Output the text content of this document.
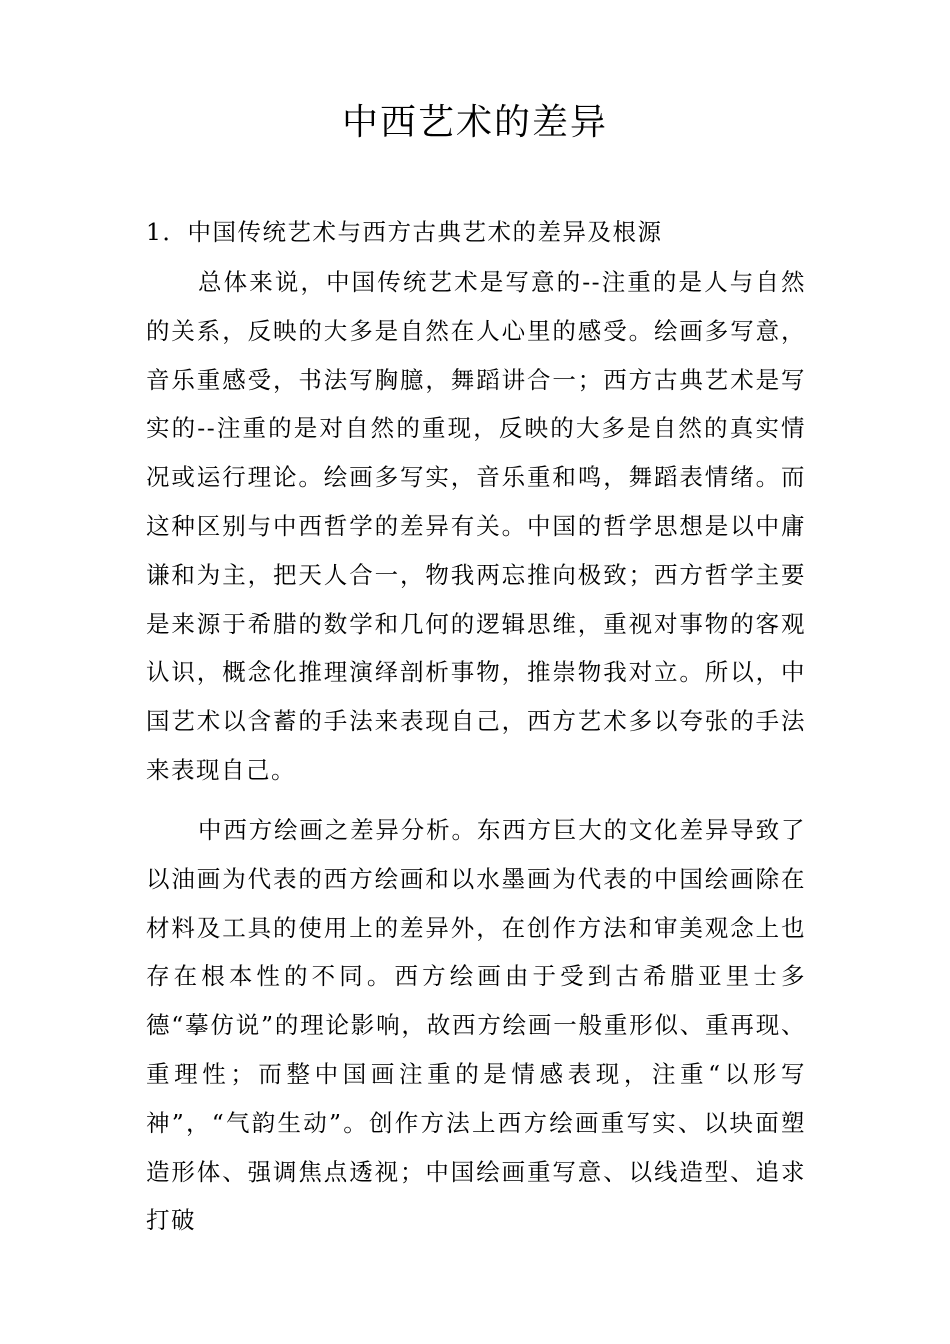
中西艺术的差异
1．中国传统艺术与西方古典艺术的差异及根源

总体来说，中国传统艺术是写意的--注重的是人与自然的关系，反映的大多是自然在人心里的感受。绘画多写意，音乐重感受，书法写胸臆，舞蹈讲合一；西方古典艺术是写实的--注重的是对自然的重现，反映的大多是自然的真实情况或运行理论。绘画多写实，音乐重和鸣，舞蹈表情绪。而这种区别与中西哲学的差异有关。中国的哲学思想是以中庸谦和为主，把天人合一，物我两忘推向极致；西方哲学主要是来源于希腊的数学和几何的逻辑思维，重视对事物的客观认识，概念化推理演绎剖析事物，推崇物我对立。所以，中国艺术以含蓄的手法来表现自己，西方艺术多以夸张的手法来表现自己。

中西方绘画之差异分析。东西方巨大的文化差异导致了以油画为代表的西方绘画和以水墨画为代表的中国绘画除在材料及工具的使用上的差异外，在创作方法和审美观念上也存在根本性的不同。西方绘画由于受到古希腊亚里士多德“摹仿说”的理论影响，故西方绘画一般重形似、重再现、重理性；而整中国画注重的是情感表现，注重“以形写神”，“气韵生动”。创作方法上西方绘画重写实、以块面塑造形体、强调焦点透视；中国绘画重写意、以线造型、追求打破
